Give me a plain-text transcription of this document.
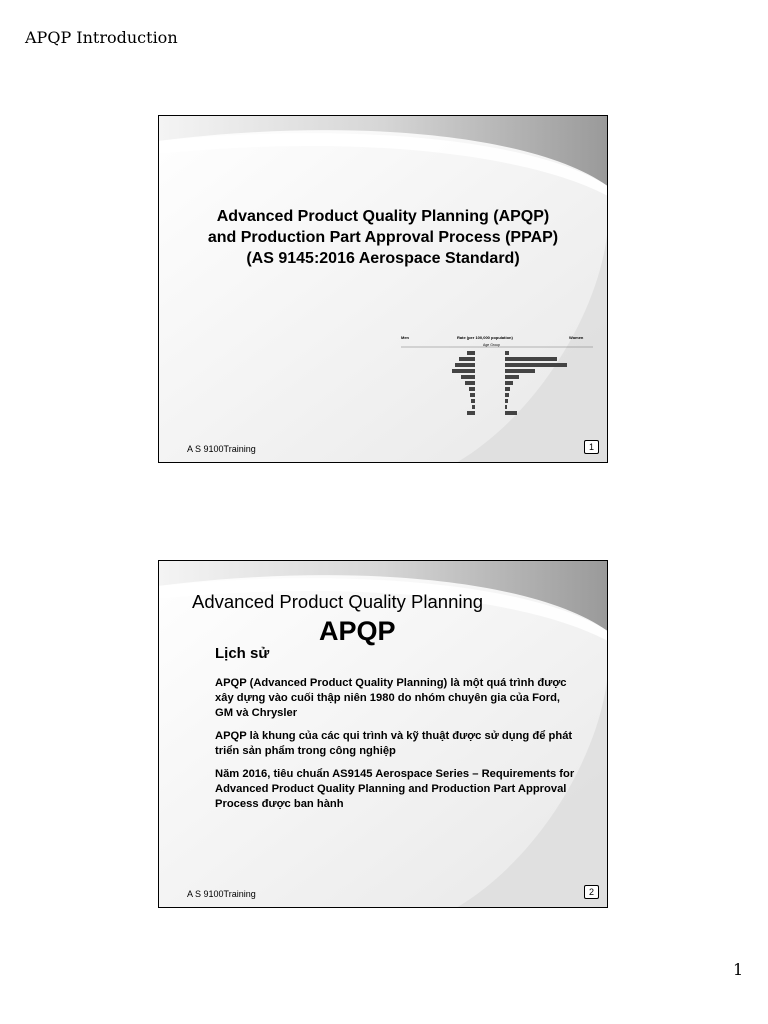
APQP Introduction
Advanced Product Quality Planning (APQP)
and Production Part Approval Process (PPAP)
(AS 9145:2016 Aerospace Standard)
Men	Rate (per 100,000 population)	Women
Age Group
A S 9100Training	1
Advanced Product Quality Planning
APQP
Lịch sử

APQP (Advanced Product Quality Planning) là một quá trình được xây dựng vào cuối thập niên 1980 do nhóm chuyên gia của Ford, GM và Chrysler

APQP là khung của các qui trình và kỹ thuật được sử dụng để phát triển sản phẩm trong công nghiệp

Năm 2016, tiêu chuẩn AS9145 Aerospace Series – Requirements for Advanced Product Quality Planning and Production Part Approval Process được ban hành

A S 9100Training	2
1
